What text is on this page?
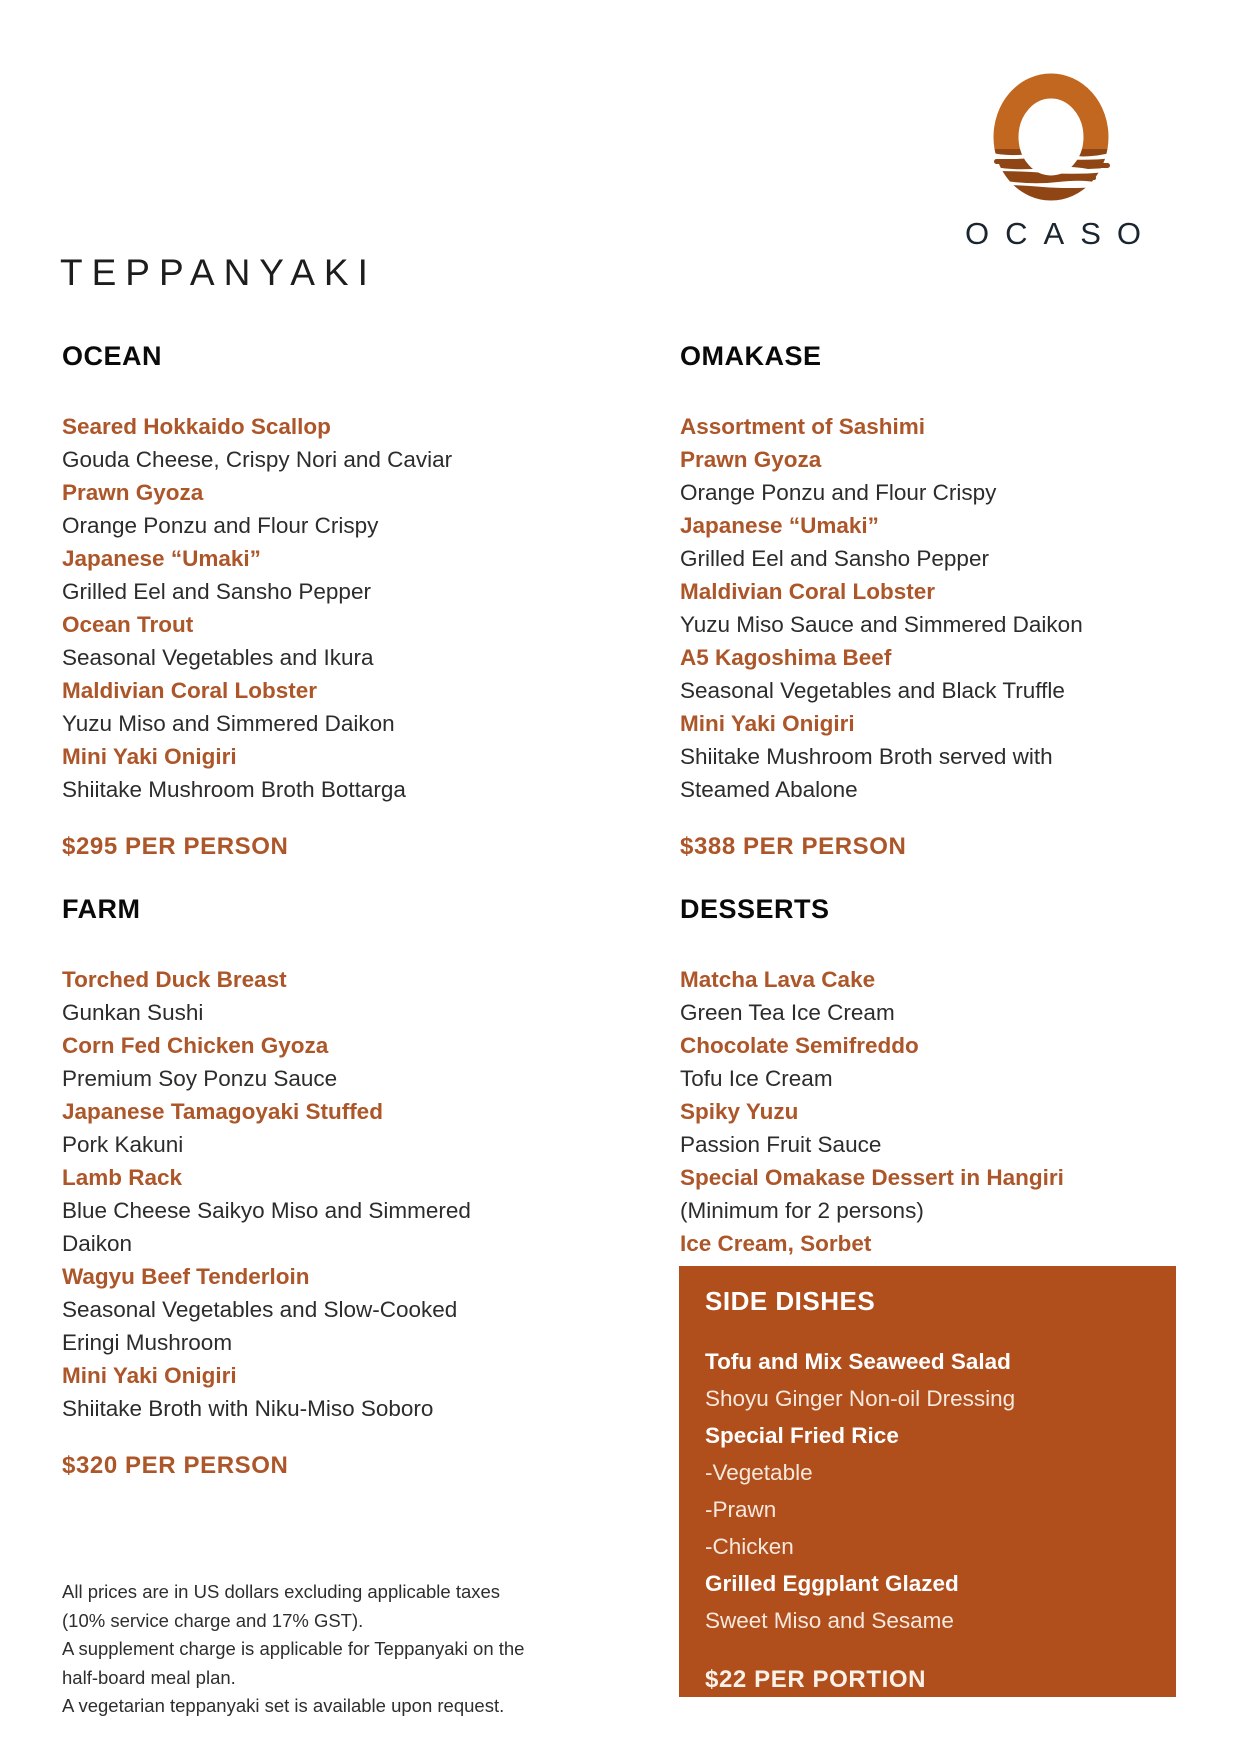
TEPPANYAKI
OCASO
OCEAN
Seared Hokkaido Scallop
Gouda Cheese, Crispy Nori and Caviar
Prawn Gyoza
Orange Ponzu and Flour Crispy
Japanese “Umaki”
Grilled Eel and Sansho Pepper
Ocean Trout
Seasonal Vegetables and Ikura
Maldivian Coral Lobster
Yuzu Miso and Simmered Daikon
Mini Yaki Onigiri
Shiitake Mushroom Broth Bottarga
$295 PER PERSON
OMAKASE
Assortment of Sashimi
Prawn Gyoza
Orange Ponzu and Flour Crispy
Japanese “Umaki”
Grilled Eel and Sansho Pepper
Maldivian Coral Lobster
Yuzu Miso Sauce and Simmered Daikon
A5 Kagoshima Beef
Seasonal Vegetables and Black Truffle
Mini Yaki Onigiri
Shiitake Mushroom Broth served with Steamed Abalone
$388 PER PERSON
FARM
Torched Duck Breast
Gunkan Sushi
Corn Fed Chicken Gyoza
Premium Soy Ponzu Sauce
Japanese Tamagoyaki Stuffed
Pork Kakuni
Lamb Rack
Blue Cheese Saikyo Miso and Simmered Daikon
Wagyu Beef Tenderloin
Seasonal Vegetables and Slow-Cooked Eringi Mushroom
Mini Yaki Onigiri
Shiitake Broth with Niku-Miso Soboro
$320 PER PERSON
DESSERTS
Matcha Lava Cake
Green Tea Ice Cream
Chocolate Semifreddo
Tofu Ice Cream
Spiky Yuzu
Passion Fruit Sauce
Special Omakase Dessert in Hangiri
(Minimum for 2 persons)
Ice Cream, Sorbet
SIDE DISHES
Tofu and Mix Seaweed Salad
Shoyu Ginger Non-oil Dressing
Special Fried Rice
-Vegetable
-Prawn
-Chicken
Grilled Eggplant Glazed
Sweet Miso and Sesame
$22 PER PORTION
All prices are in US dollars excluding applicable taxes
(10% service charge and 17% GST).
A supplement charge is applicable for Teppanyaki on the
half-board meal plan.
A vegetarian teppanyaki set is available upon request.
